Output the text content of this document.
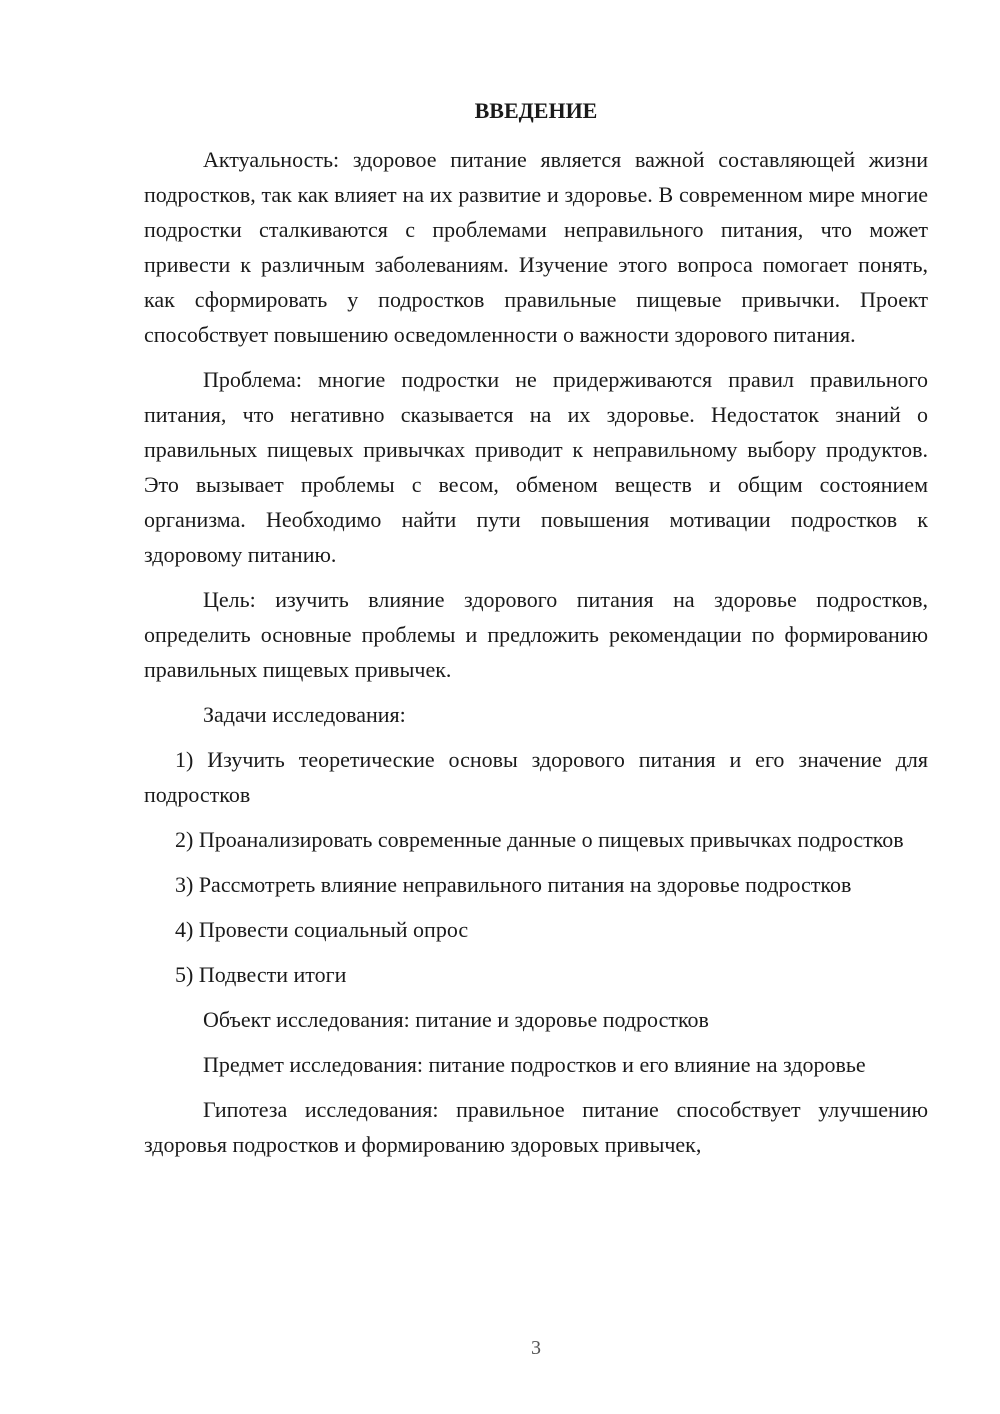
ВВЕДЕНИЕ

Актуальность: здоровое питание является важной составляющей жизни подростков, так как влияет на их развитие и здоровье. В современном мире многие подростки сталкиваются с проблемами неправильного питания, что может привести к различным заболеваниям. Изучение этого вопроса помогает понять, как сформировать у подростков правильные пищевые привычки. Проект способствует повышению осведомленности о важности здорового питания.

Проблема: многие подростки не придерживаются правил правильного питания, что негативно сказывается на их здоровье. Недостаток знаний о правильных пищевых привычках приводит к неправильному выбору продуктов. Это вызывает проблемы с весом, обменом веществ и общим состоянием организма. Необходимо найти пути повышения мотивации подростков к здоровому питанию.

Цель: изучить влияние здорового питания на здоровье подростков, определить основные проблемы и предложить рекомендации по формированию правильных пищевых привычек.

Задачи исследования:

1) Изучить теоретические основы здорового питания и его значение для подростков

2) Проанализировать современные данные о пищевых привычках подростков

3) Рассмотреть влияние неправильного питания на здоровье подростков

4) Провести социальный опрос

5) Подвести итоги

Объект исследования: питание и здоровье подростков

Предмет исследования: питание подростков и его влияние на здоровье

Гипотеза исследования: правильное питание способствует улучшению здоровья подростков и формированию здоровых привычек,

3
